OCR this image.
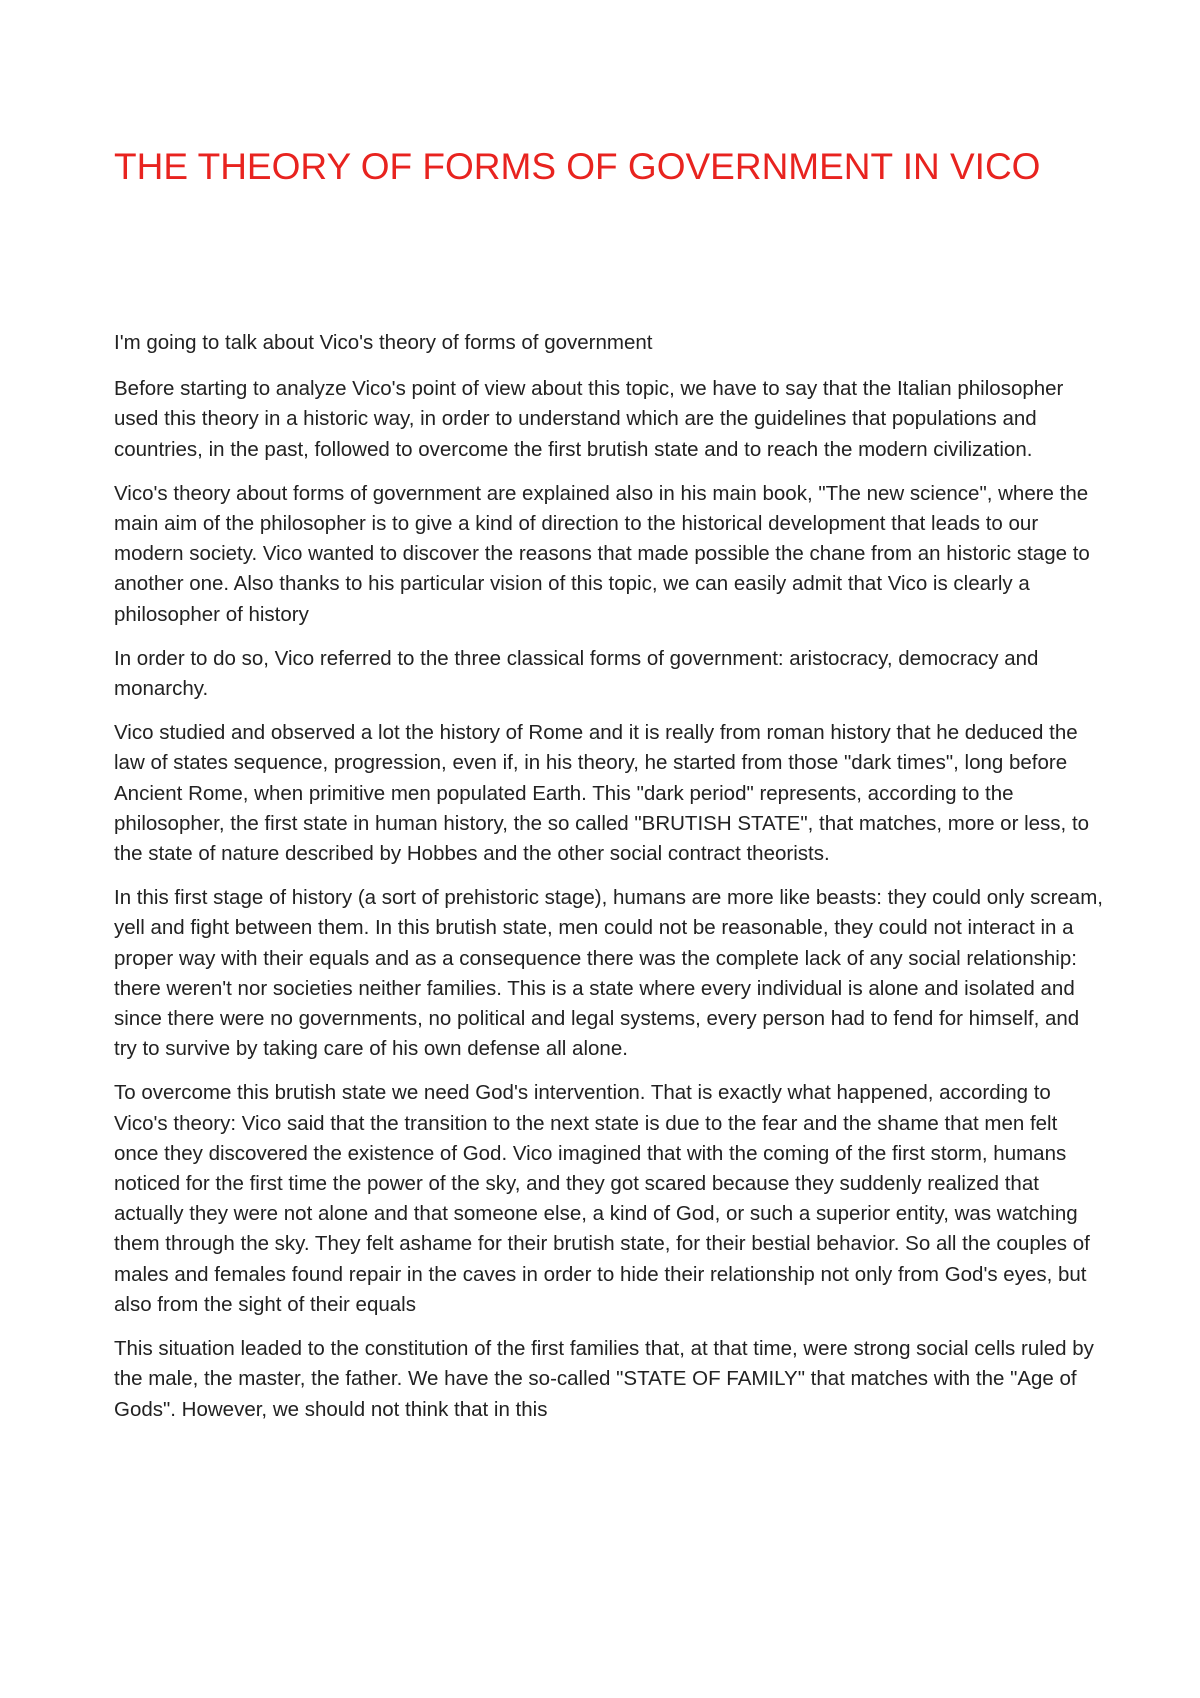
THE THEORY OF FORMS OF GOVERNMENT IN VICO

I'm going to talk about Vico's theory of forms of government

Before starting to analyze Vico's point of view about this topic, we have to say that the Italian philosopher used this theory in a historic way, in order to understand which are the guidelines that populations and countries, in the past, followed to overcome the first brutish state and to reach the modern civilization.

Vico's theory about forms of government are explained also in his main book, "The new science", where the main aim of the philosopher is to give a kind of direction to the historical development that leads to our modern society. Vico wanted to discover the reasons that made possible the chane from an historic stage to another one. Also thanks to his particular vision of this topic, we can easily admit that Vico is clearly a philosopher of history

In order to do so, Vico referred to the three classical forms of government: aristocracy, democracy and monarchy.

Vico studied and observed a lot the history of Rome and it is really from roman history that he deduced the law of states sequence, progression, even if, in his theory, he started from those "dark times", long before Ancient Rome, when primitive men populated Earth. This "dark period" represents, according to the philosopher, the first state in human history, the so called "BRUTISH STATE", that matches, more or less, to the state of nature described by Hobbes and the other social contract theorists.

In this first stage of history (a sort of prehistoric stage), humans are more like beasts: they could only scream, yell and fight between them. In this brutish state, men could not be reasonable, they could not interact in a proper way with their equals and as a consequence there was the complete lack of any social relationship: there weren't nor societies neither families. This is a state where every individual is alone and isolated and since there were no governments, no political and legal systems, every person had to fend for himself, and try to survive by taking care of his own defense all alone.

To overcome this brutish state we need God's intervention. That is exactly what happened, according to Vico's theory: Vico said that the transition to the next state is due to the fear and the shame that men felt once they discovered the existence of God. Vico imagined that with the coming of the first storm, humans noticed for the first time the power of the sky, and they got scared because they suddenly realized that actually they were not alone and that someone else, a kind of God, or such a superior entity, was watching them through the sky. They felt ashame for their brutish state, for their bestial behavior. So all the couples of males and females found repair in the caves in order to hide their relationship not only from God's eyes, but also from the sight of their equals

This situation leaded to the constitution of the first families that, at that time, were strong social cells ruled by the male, the master, the father. We have the so-called "STATE OF FAMILY" that matches with the "Age of Gods". However, we should not think that in this
